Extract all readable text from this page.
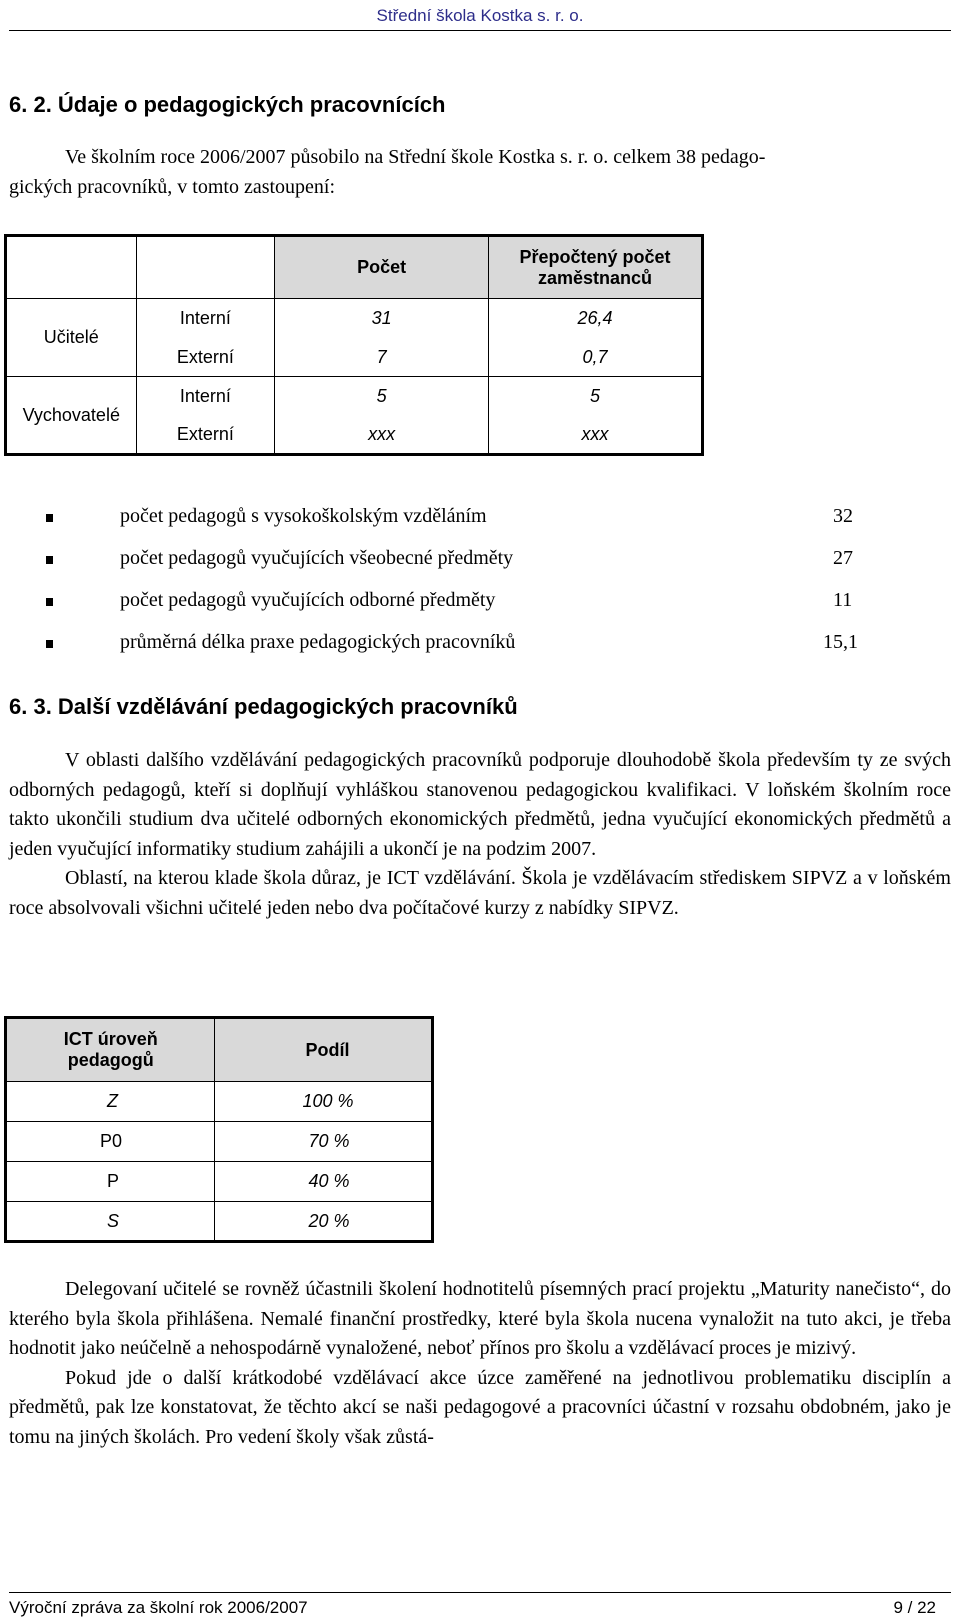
Střední škola Kostka s. r. o.
6. 2. Údaje o pedagogických pracovnících
Ve školním roce 2006/2007 působilo na Střední škole Kostka s. r. o. celkem 38 pedago-
gických pracovníků, v tomto zastoupení:
		Počet	Přepočtený počet
zaměstnanců

Učitelé	Interní	31	26,4
	Externí	7	0,7
Vychovatelé	Interní	5	5
	Externí	xxx	xxx
počet pedagogů s vysokoškolským vzděláním	32
počet pedagogů vyučujících všeobecné předměty	27
počet pedagogů vyučujících odborné předměty	11
průměrná délka praxe pedagogických pracovníků	15,1
6. 3. Další vzdělávání pedagogických pracovníků

V oblasti dalšího vzdělávání pedagogických pracovníků podporuje dlouhodobě škola především ty ze svých odborných pedagogů, kteří si doplňují vyhláškou stanovenou pedagogickou kvalifikaci. V loňském školním roce takto ukončili studium dva učitelé odborných ekonomických předmětů, jedna vyučující ekonomických předmětů a jeden vyučující informatiky studium zahájili a ukončí je na podzim 2007.

Oblastí, na kterou klade škola důraz, je ICT vzdělávání. Škola je vzdělávacím střediskem SIPVZ a v loňském roce absolvovali všichni učitelé jeden nebo dva počítačové kurzy z nabídky SIPVZ.

ICT úroveň
pedagogů	Podíl
Z	100 %
P0	70 %
P	40 %
S	20 %

Delegovaní učitelé se rovněž účastnili školení hodnotitelů písemných prací projektu „Maturity nanečisto“, do kterého byla škola přihlášena. Nemalé finanční prostředky, které byla škola nucena vynaložit na tuto akci, je třeba hodnotit jako neúčelně a nehospodárně vynaložené, neboť přínos pro školu a vzdělávací proces je mizivý.

Pokud jde o další krátkodobé vzdělávací akce úzce zaměřené na jednotlivou problematiku disciplín a předmětů, pak lze konstatovat, že těchto akcí se naši pedagogové a pracovníci účastní v rozsahu obdobném, jako je tomu na jiných školách. Pro vedení školy však zůstá-

Výroční zpráva za školní rok 2006/2007	9 / 22
